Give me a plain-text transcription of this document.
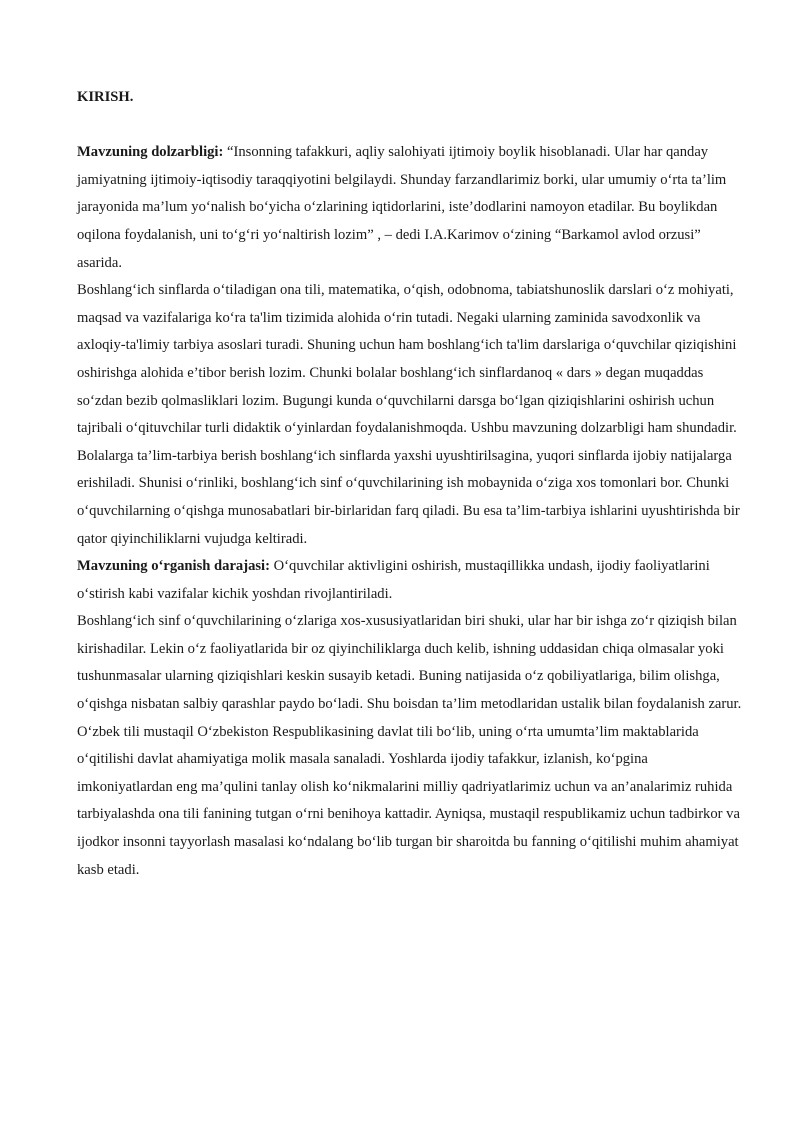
KIRISH.

Mavzuning dolzarbligi: “Insonning tafakkuri, aqliy salohiyati ijtimoiy boylik hisoblanadi. Ular har qanday jamiyatning ijtimoiy-iqtisodiy taraqqiyotini belgilaydi. Shunday farzandlarimiz borki, ular umumiy o‘rta ta’lim jarayonida ma’lum yo‘nalish bo‘yicha o‘zlarining iqtidorlarini, iste’dodlarini namoyon etadilar. Bu boylikdan oqilona foydalanish, uni to‘g‘ri yo‘naltirish lozim” , – dedi I.A.Karimov o‘zining “Barkamol avlod orzusi” asarida.

Boshlang‘ich sinflarda o‘tiladigan ona tili, matematika, o‘qish, odobnoma, tabiatshunoslik darslari o‘z mohiyati, maqsad va vazifalariga ko‘ra ta'lim tizimida alohida o‘rin tutadi. Negaki ularning zaminida savodxonlik va axloqiy-ta'limiy tarbiya asoslari turadi. Shuning uchun ham boshlang‘ich ta'lim darslariga o‘quvchilar qiziqishini oshirishga alohida e’tibor berish lozim. Chunki bolalar boshlang‘ich sinflardanoq « dars » degan muqaddas so‘zdan bezib qolmasliklari lozim. Bugungi kunda o‘quvchilarni darsga bo‘lgan qiziqishlarini oshirish uchun tajribali o‘qituvchilar turli didaktik o‘yinlardan foydalanishmoqda. Ushbu mavzuning dolzarbligi ham shundadir.

Bolalarga ta’lim-tarbiya berish boshlang‘ich sinflarda yaxshi uyushtirilsagina, yuqori sinflarda ijobiy natijalarga erishiladi. Shunisi o‘rinliki, boshlang‘ich sinf o‘quvchilarining ish mobaynida o‘ziga xos tomonlari bor. Chunki o‘quvchilarning o‘qishga munosabatlari bir-birlaridan farq qiladi. Bu esa ta’lim-tarbiya ishlarini uyushtirishda bir qator qiyinchiliklarni vujudga keltiradi.

Mavzuning o‘rganish darajasi: O‘quvchilar aktivligini oshirish, mustaqillikka undash, ijodiy faoliyatlarini o‘stirish kabi vazifalar kichik yoshdan rivojlantiriladi.

Boshlang‘ich sinf o‘quvchilarining o‘zlariga xos-xususiyatlaridan biri shuki, ular har bir ishga zo‘r qiziqish bilan kirishadilar. Lekin o‘z faoliyatlarida bir oz qiyinchiliklarga duch kelib, ishning uddasidan chiqa olmasalar yoki tushunmasalar ularning qiziqishlari keskin susayib ketadi. Buning natijasida o‘z qobiliyatlariga, bilim olishga, o‘qishga nisbatan salbiy qarashlar paydo bo‘ladi. Shu boisdan ta’lim metodlaridan ustalik bilan foydalanish zarur.

O‘zbek tili mustaqil O‘zbekiston Respublikasining davlat tili bo‘lib, uning o‘rta umumta’lim maktablarida o‘qitilishi davlat ahamiyatiga molik masala sanaladi. Yoshlarda ijodiy tafakkur, izlanish, ko‘pgina imkoniyatlardan eng ma’qulini tanlay olish ko‘nikmalarini milliy qadriyatlarimiz uchun va an’analarimiz ruhida tarbiyalashda ona tili fanining tutgan o‘rni benihoya kattadir. Ayniqsa, mustaqil respublikamiz uchun tadbirkor va ijodkor insonni tayyorlash masalasi ko‘ndalang bo‘lib turgan bir sharoitda bu fanning o‘qitilishi muhim ahamiyat kasb etadi.
